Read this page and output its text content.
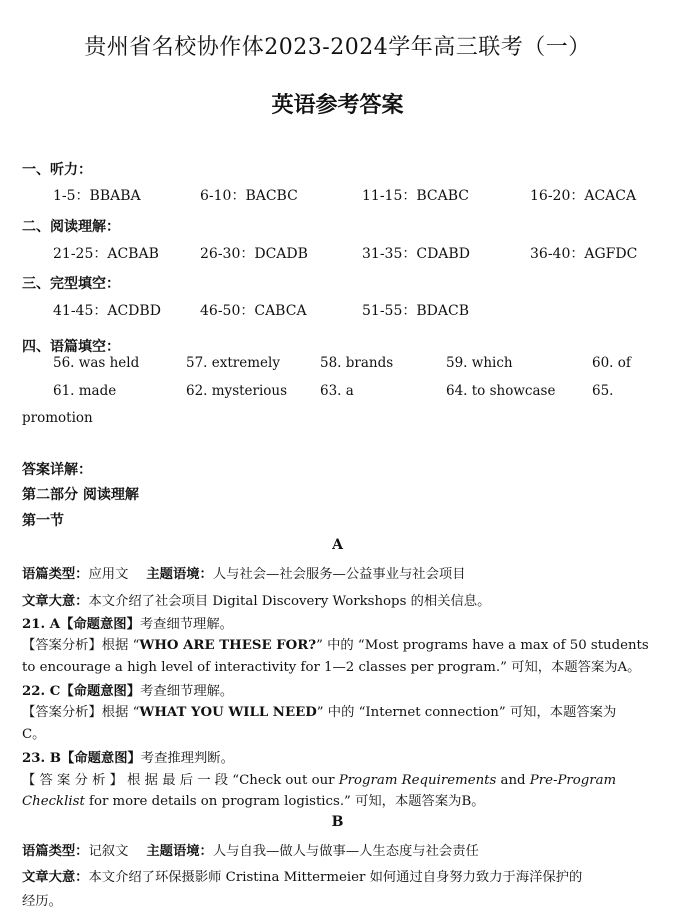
贵州省名校协作体2023-2024学年高三联考（一）
英语参考答案
一、听力：
1-5：BBABA	6-10：BACBC	11-15：BCABC	16-20：ACACA
二、阅读理解：
21-25：ACBAB	26-30：DCADB	31-35：CDABD	36-40：AGFDC
三、完型填空：
41-45：ACDBD	46-50：CABCA	51-55：BDACB
四、语篇填空：
56. was held	57. extremely	58. brands	59. which	60. of
61. made	62. mysterious 63. a	64. to showcase	65.
promotion
答案详解：
第二部分 阅读理解
第一节
A
语篇类型：应用文 主题语境：人与社会—社会服务—公益事业与社会项目
文章大意：本文介绍了社会项目 Digital Discovery Workshops 的相关信息。
21. A【命题意图】考查细节理解。
【答案分析】根据 “WHO ARE THESE FOR?” 中的 “Most programs have a max of 50 students
to encourage a high level of interactivity for 1—2 classes per program.” 可知，本题答案为A。
22. C【命题意图】考查细节理解。
【答案分析】根据 “WHAT YOU WILL NEED” 中的 “Internet connection” 可知，本题答案为
C。
23. B【命题意图】考查推理判断。
【 答 案 分 析 】 根 据 最 后 一 段 “Check out our Program Requirements and Pre-Program
Checklist for more details on program logistics.” 可知，本题答案为B。
B
语篇类型：记叙文 主题语境：人与自我—做人与做事—人生态度与社会责任
文章大意：本文介绍了环保摄影师 Cristina Mittermeier 如何通过自身努力致力于海洋保护的
经历。
